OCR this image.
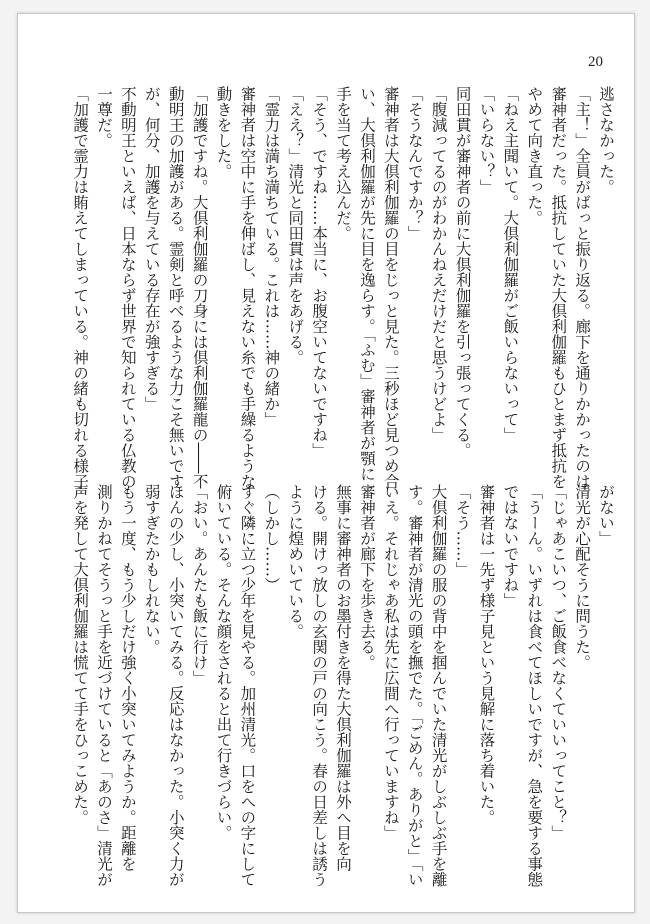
20

逃さなかった。

「主！」全員がばっと振り返る。廊下を通りかかったのは

審神者だった。抵抗していた大倶利伽羅もひとまず抵抗を

やめて向き直った。

「ねえ主聞いて。大倶利伽羅がご飯いらないって」

「いらない？」

同田貫が審神者の前に大倶利伽羅を引っ張ってくる。

「腹減ってるのがわかんねえだけだと思うけどよ」

「そうなんですか？」

審神者は大倶利伽羅の目をじっと見た。三秒ほど見つめ合

い、大倶利伽羅が先に目を逸らす。「ふむ」審神者が顎に

手を当て考え込んだ。

「そう、ですね……本当に、お腹空いてないですね」

「ええ？」清光と同田貫は声をあげる。

「霊力は満ち満ちている。これは……神の緒か」

審神者は空中に手を伸ばし、見えない糸でも手繰るような

動きをした。

「加護ですね。大倶利伽羅の刀身には倶利伽羅龍の――不

動明王の加護がある。霊剣と呼べるような力こそ無いです

が、何分、加護を与えている存在が強すぎる」

不動明王といえば、日本ならず世界で知られている仏教の

一尊だ。

「加護で霊力は賄えてしまっている。神の緒も切れる様子

がない」

清光が心配そうに問うた。

「じゃあこいつ、ご飯食べなくていいってこと？」

「うーん。いずれは食べてほしいですが、急を要する事態

ではないですね」

審神者は一先ず様子見という見解に落ち着いた。

「そう……」

大倶利伽羅の服の背中を掴んでいた清光がしぶしぶ手を離

す。審神者が清光の頭を撫でた。「ごめん。ありがと」「い

いえ。それじゃあ私は先に広間へ行っていますね」

審神者が廊下を歩き去る。

無事に審神者のお墨付きを得た大倶利伽羅は外へ目を向

ける。開けっ放しの玄関の戸の向こう。春の日差しは誘う

ように煌めいている。

（しかし……）

すぐ隣に立つ少年を見やる。加州清光。口をへの字にして

俯いている。そんな顔をされると出て行きづらい。

「おい。あんたも飯に行け」

ほんの少し、小突いてみる。反応はなかった。小突く力が

弱すぎたかもしれない。

もう一度、もう少しだけ強く小突いてみようか。距離を

測りかねてそうっと手を近づけていると「あのさ」清光が

声を発して大倶利伽羅は慌てて手をひっこめた。
